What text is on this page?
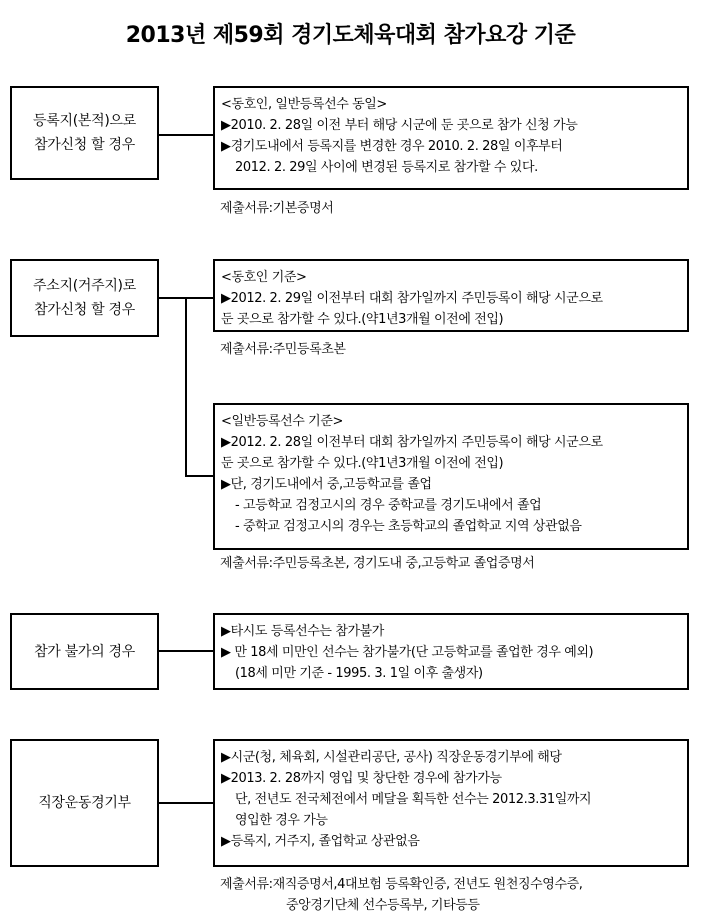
2013년 제59회 경기도체육대회 참가요강 기준
등록지(본적)으로
참가신청 할 경우
<동호인, 일반등록선수 동일>
▶2010. 2. 28일 이전 부터 해당 시군에 둔 곳으로 참가 신청 가능
▶경기도내에서 등록지를 변경한 경우 2010. 2. 28일 이후부터
2012. 2. 29일 사이에 변경된 등록지로 참가할 수 있다.
제출서류:기본증명서
주소지(거주지)로
참가신청 할 경우
<동호인 기준>
▶2012. 2. 29일 이전부터 대회 참가일까지 주민등록이 해당 시군으로
둔 곳으로 참가할 수 있다.(약1년3개월 이전에 전입)
제출서류:주민등록초본
<일반등록선수 기준>
▶2012. 2. 28일 이전부터 대회 참가일까지 주민등록이 해당 시군으로
둔 곳으로 참가할 수 있다.(약1년3개월 이전에 전입)
▶단, 경기도내에서 중,고등학교를 졸업
- 고등학교 검정고시의 경우 중학교를 경기도내에서 졸업
- 중학교 검정고시의 경우는 초등학교의 졸업학교 지역 상관없음
제출서류:주민등록초본, 경기도내 중,고등학교 졸업증명서
참가 불가의 경우
▶타시도 등록선수는 참가불가
▶ 만 18세 미만인 선수는 참가불가(단 고등학교를 졸업한 경우 예외)
(18세 미만 기준 - 1995. 3. 1일 이후 출생자)
직장운동경기부
▶시군(청, 체육회, 시설관리공단, 공사) 직장운동경기부에 해당
▶2013. 2. 28까지 영입 및 창단한 경우에 참가가능
단, 전년도 전국체전에서 메달을 획득한 선수는 2012.3.31일까지
영입한 경우 가능
▶등록지, 거주지, 졸업학교 상관없음
제출서류:재직증명서,4대보험 등록확인증, 전년도 원천징수영수증,
중앙경기단체 선수등록부, 기타등등
